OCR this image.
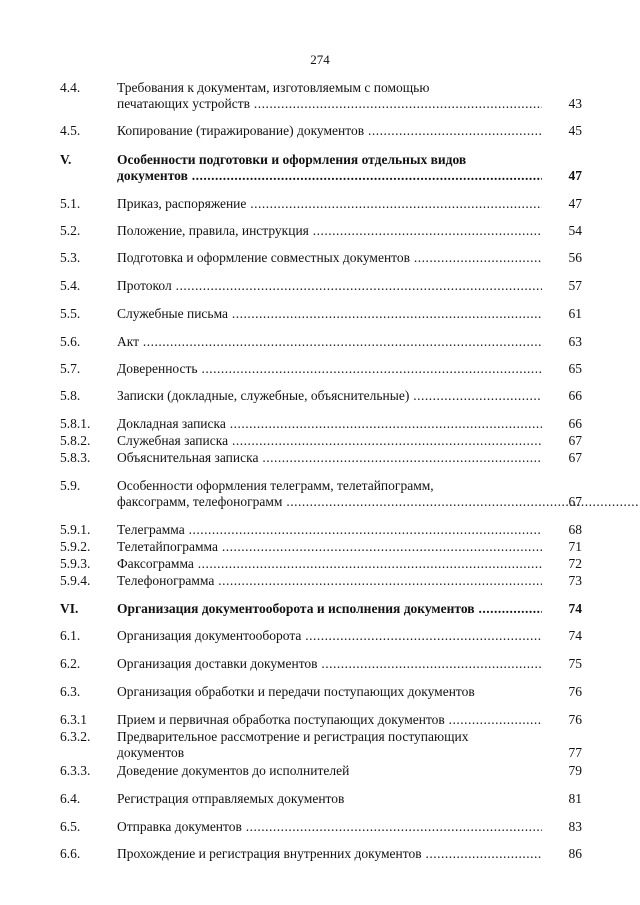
274
4.4.	Требования к документам, изготовляемым с помощью
печатающих устройств .....	43
4.5.	Копирование (тиражирование) документов .....	45
V.	Особенности подготовки и оформления отдельных видов
документов .....	47
5.1.	Приказ, распоряжение .....	47
5.2.	Положение, правила, инструкция .....	54
5.3.	Подготовка и оформление совместных документов .....	56
5.4.	Протокол .....	57
5.5.	Служебные письма .....	61
5.6.	Акт .....	63
5.7.	Доверенность .....	65
5.8.	Записки (докладные, служебные, объяснительные) .....	66
5.8.1. Докладная записка .....	66
5.8.2. Служебная записка .....	67
5.8.3. Объяснительная записка .....	67
5.9.	Особенности оформления телеграмм, телетайпограмм,
факсограмм, телефонограмм .....	67
5.9.1. Телеграмма .....	68
5.9.2. Телетайпограмма .....	71
5.9.3. Факсограмма .....	72
5.9.4. Телефонограмма .....	73
VI.	Организация документооборота и исполнения документов .....	74
6.1.	Организация документооборота .....	74
6.2.	Организация доставки документов .....	75
6.3.	Организация обработки и передачи поступающих документов	76
6.3.1 Прием и первичная обработка поступающих документов .....	76
6.3.2. Предварительное рассмотрение и регистрация поступающих
документов	77
6.3.3. Доведение документов до исполнителей	79
6.4.	Регистрация отправляемых документов	81
6.5.	Отправка документов .....	83
6.6.	Прохождение и регистрация внутренних документов .....	86
